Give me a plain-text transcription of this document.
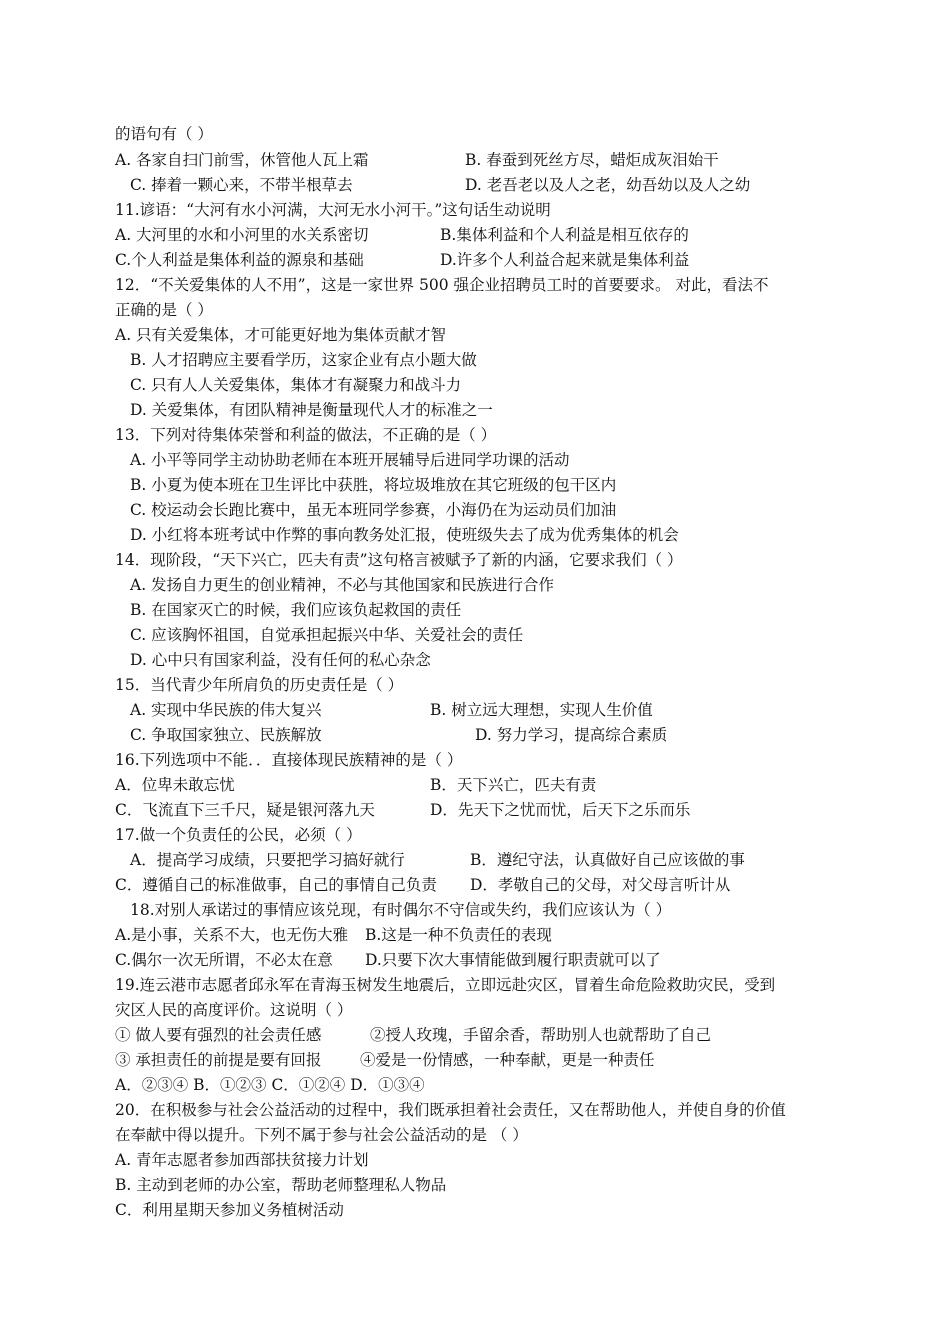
的语句有（ ）
A. 各家自扫门前雪，休管他人瓦上霜	B. 春蚕到死丝方尽，蜡炬成灰泪始干
C. 捧着一颗心来，不带半根草去	D. 老吾老以及人之老，幼吾幼以及人之幼
11.谚语：“大河有水小河满，大河无水小河干。”这句话生动说明
A. 大河里的水和小河里的水关系密切	B.集体利益和个人利益是相互依存的
C.个人利益是集体利益的源泉和基础	D.许多个人利益合起来就是集体利益
12．“不关爱集体的人不用”，这是一家世界 500 强企业招聘员工时的首要要求。 对此，看法不
正确的是（ ）
A. 只有关爱集体，才可能更好地为集体贡献才智
B. 人才招聘应主要看学历，这家企业有点小题大做
C. 只有人人关爱集体，集体才有凝聚力和战斗力
D. 关爱集体，有团队精神是衡量现代人才的标准之一
13．下列对待集体荣誉和利益的做法，不正确的是（ ）
A. 小平等同学主动协助老师在本班开展辅导后进同学功课的活动
B. 小夏为使本班在卫生评比中获胜，将垃圾堆放在其它班级的包干区内
C. 校运动会长跑比赛中，虽无本班同学参赛，小海仍在为运动员们加油
D. 小红将本班考试中作弊的事向教务处汇报，使班级失去了成为优秀集体的机会
14．现阶段，“天下兴亡，匹夫有责”这句格言被赋予了新的内涵，它要求我们（ ）
A. 发扬自力更生的创业精神，不必与其他国家和民族进行合作
B. 在国家灭亡的时候，我们应该负起救国的责任
C. 应该胸怀祖国，自觉承担起振兴中华、关爱社会的责任
D. 心中只有国家利益，没有任何的私心杂念
15．当代青少年所肩负的历史责任是（ ）
A. 实现中华民族的伟大复兴	B. 树立远大理想，实现人生价值
C. 争取国家独立、民族解放	D. 努力学习，提高综合素质
16.下列选项中不能．．直接体现民族精神的是（ ）
A．位卑未敢忘忧	B．天下兴亡，匹夫有责
C．飞流直下三千尺，疑是银河落九天	D．先天下之忧而忧，后天下之乐而乐
17.做一个负责任的公民，必须（ ）
A．提高学习成绩，只要把学习搞好就行	B．遵纪守法，认真做好自己应该做的事
C．遵循自己的标准做事，自己的事情自己负责 D．孝敬自己的父母，对父母言听计从
18.对别人承诺过的事情应该兑现，有时偶尔不守信或失约，我们应该认为（ ）
A.是小事，关系不大，也无伤大雅 B.这是一种不负责任的表现
C.偶尔一次无所谓，不必太在意 D.只要下次大事情能做到履行职责就可以了
19.连云港市志愿者邱永军在青海玉树发生地震后，立即远赴灾区，冒着生命危险救助灾民，受到
灾区人民的高度评价。这说明（ ）
① 做人要有强烈的社会责任感	②授人玫瑰，手留余香，帮助别人也就帮助了自己
③ 承担责任的前提是要有回报 ④爱是一份情感，一种奉献，更是一种责任
A．②③④ B．①②③ C．①②④ D．①③④
20．在积极参与社会公益活动的过程中，我们既承担着社会责任，又在帮助他人，并使自身的价值
在奉献中得以提升。下列不属于参与社会公益活动的是 （ ）
A. 青年志愿者参加西部扶贫接力计划
B. 主动到老师的办公室，帮助老师整理私人物品
C．利用星期天参加义务植树活动
